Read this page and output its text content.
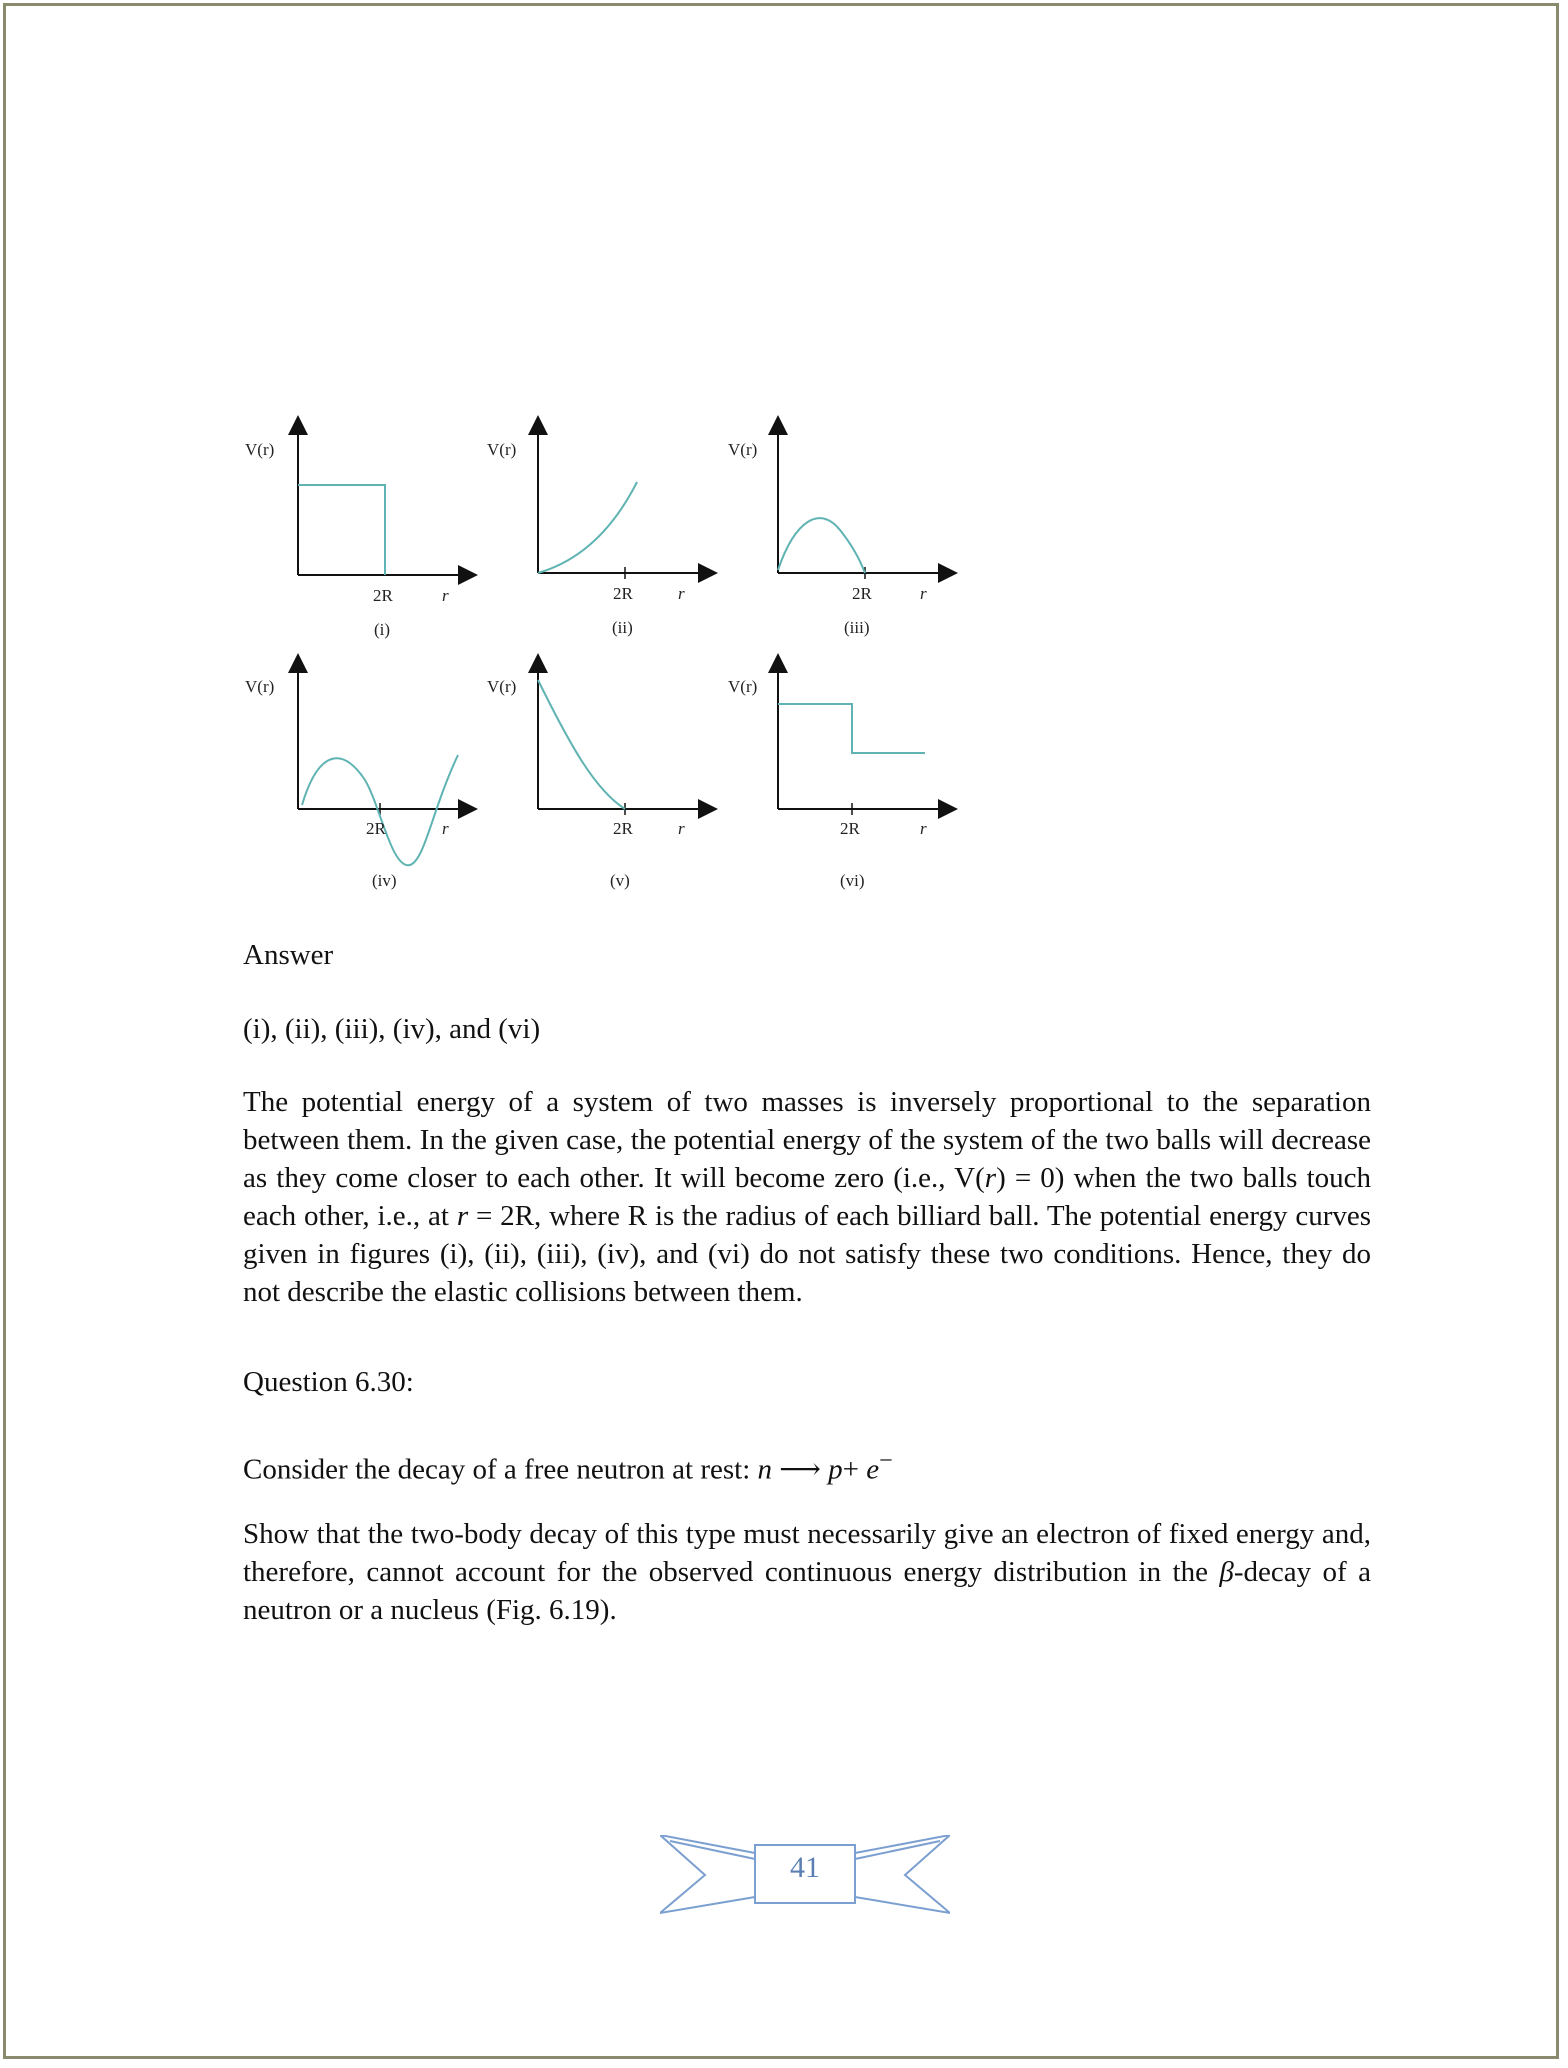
V(r)
2R	r
(i)
V(r)
2R	r
(ii)
V(r)
2R	r
(iii)
V(r)
2R	r
(iv)
V(r)
2R	r
(v)
V(r)
2R	r
(vi)
Answer
(i), (ii), (iii), (iv), and (vi)
The potential energy of a system of two masses is inversely proportional to the separation between them. In the given case, the potential energy of the system of the two balls will decrease as they come closer to each other. It will become zero (i.e., V(r) = 0) when the two balls touch each other, i.e., at r = 2R, where R is the radius of each billiard ball. The potential energy curves given in figures (i), (ii), (iii), (iv), and (vi) do not satisfy these two conditions. Hence, they do not describe the elastic collisions between them.
Question 6.30:
Consider the decay of a free neutron at rest: n ⟶ p+ e−
Show that the two-body decay of this type must necessarily give an electron of fixed energy and, therefore, cannot account for the observed continuous energy distribution in the β-decay of a neutron or a nucleus (Fig. 6.19).
41
